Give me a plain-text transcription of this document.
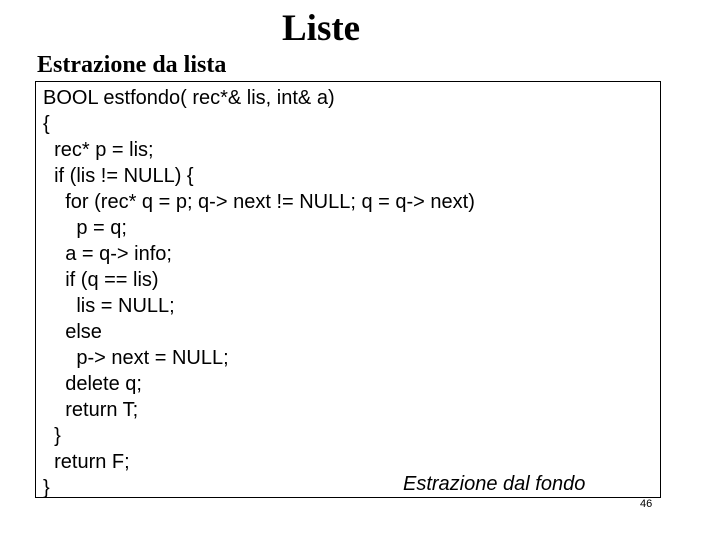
Liste
Estrazione da lista
BOOL estfondo( rec*& lis, int& a)
{
rec* p = lis;
if (lis != NULL) {
for (rec* q = p; q-> next != NULL; q = q-> next)
p = q;
a = q-> info;
if (q == lis)
lis = NULL;
else
p-> next = NULL;
delete q;
return T;
}
return F;
}	Estrazione dal fondo
46
